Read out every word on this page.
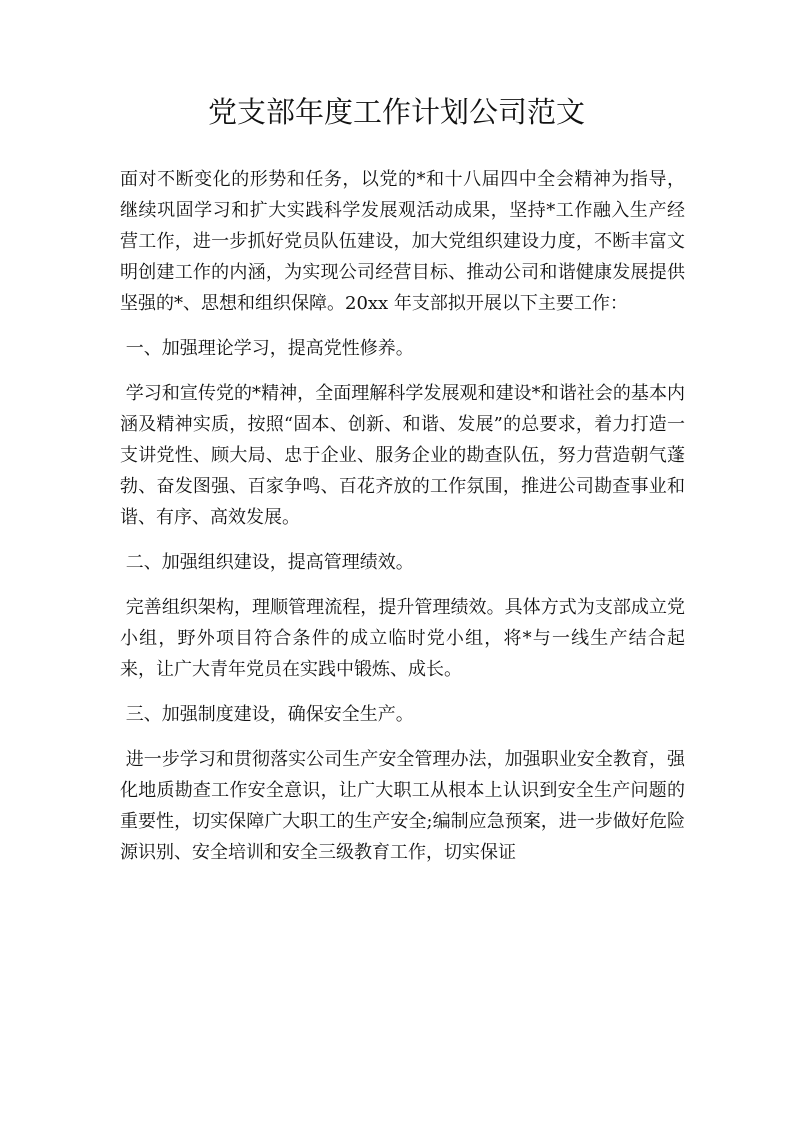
党支部年度工作计划公司范文

面对不断变化的形势和任务，以党的*和十八届四中全会精神为指导，继续巩固学习和扩大实践科学发展观活动成果，坚持*工作融入生产经营工作，进一步抓好党员队伍建设，加大党组织建设力度，不断丰富文明创建工作的内涵，为实现公司经营目标、推动公司和谐健康发展提供坚强的*、思想和组织保障。20xx 年支部拟开展以下主要工作：

一、加强理论学习，提高党性修养。

学习和宣传党的*精神，全面理解科学发展观和建设*和谐社会的基本内涵及精神实质，按照“固本、创新、和谐、发展”的总要求，着力打造一支讲党性、顾大局、忠于企业、服务企业的勘查队伍，努力营造朝气蓬勃、奋发图强、百家争鸣、百花齐放的工作氛围，推进公司勘查事业和谐、有序、高效发展。

二、加强组织建设，提高管理绩效。

完善组织架构，理顺管理流程，提升管理绩效。具体方式为支部成立党小组，野外项目符合条件的成立临时党小组，将*与一线生产结合起来，让广大青年党员在实践中锻炼、成长。

三、加强制度建设，确保安全生产。

进一步学习和贯彻落实公司生产安全管理办法，加强职业安全教育，强化地质勘查工作安全意识，让广大职工从根本上认识到安全生产问题的重要性，切实保障广大职工的生产安全;编制应急预案，进一步做好危险源识别、安全培训和安全三级教育工作，切实保证
